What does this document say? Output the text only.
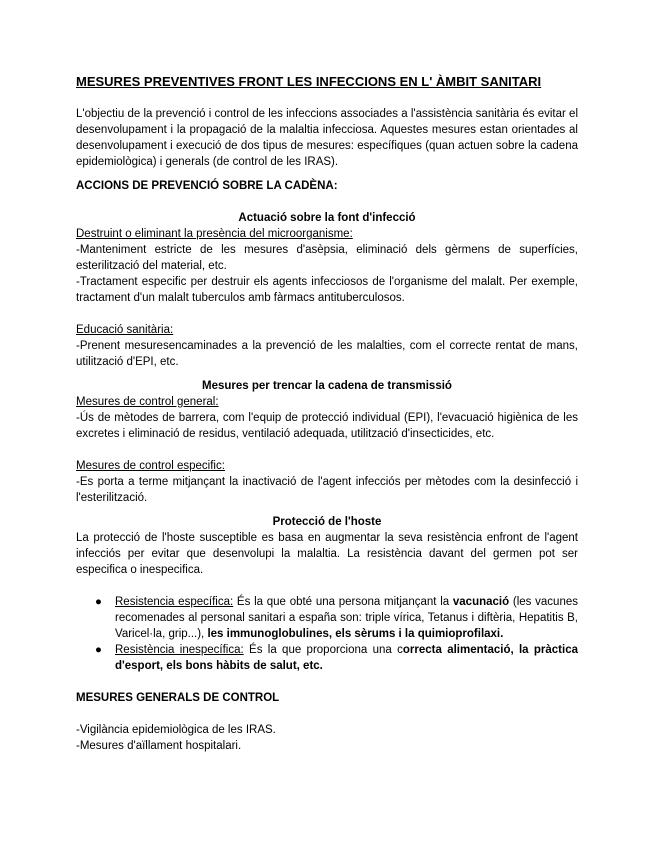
MESURES PREVENTIVES FRONT LES INFECCIONS EN L' ÀMBIT SANITARI

L'objectiu de la prevenció i control de les infeccions associades a l'assistència sanitària és evitar el desenvolupament i la propagació de la malaltia infecciosa. Aquestes mesures estan orientades al desenvolupament i execució de dos tipus de mesures: específiques (quan actuen sobre la cadena epidemiològica) i generals (de control de les IRAS).

ACCIONS DE PREVENCIÓ SOBRE LA CADÈNA:
Actuació sobre la font d'infecció
Destruint o eliminant la presència del microorganisme:

-Manteniment estricte de les mesures d'asèpsia, eliminació dels gèrmens de superfícies, esterilització del material, etc.

-Tractament especific per destruir els agents infecciosos de l'organisme del malalt. Per exemple, tractament d'un malalt tuberculos amb fàrmacs antituberculosos.

Educació sanitària:

-Prenent mesuresencaminades a la prevenció de les malalties, com el correcte rentat de mans, utilització d'EPI, etc.

Mesures per trencar la cadena de transmissió
Mesures de control general:

-Ús de mètodes de barrera, com l'equip de protecció individual (EPI), l'evacuació higiènica de les excretes i eliminació de residus, ventilació adequada, utilització d'insecticides, etc.

Mesures de control especific:

-Es porta a terme mitjançant la inactivació de l'agent infecciós per mètodes com la desinfecció i l'esterilització.

Protecció de l'hoste

La protecció de l'hoste susceptible es basa en augmentar la seva resistència enfront de l'agent infecciós per evitar que desenvolupi la malaltia. La resistència davant del germen pot ser especifica o inespecifica.

● Resistencia específica: És la que obté una persona mitjançant la vacunació (les vacunes recomenades al personal sanitari a españa son: triple vírica, Tetanus i diftèria, Hepatitis B, Varicel·la, grip...), les immunoglobulines, els sèrums i la quimioprofilaxi.
● Resistència inespecífica: És la que proporciona una correcta alimentació, la pràctica d'esport, els bons hàbits de salut, etc.
MESURES GENERALS DE CONTROL
-Vigilància epidemiològica de les IRAS.
-Mesures d'aïllament hospitalari.
